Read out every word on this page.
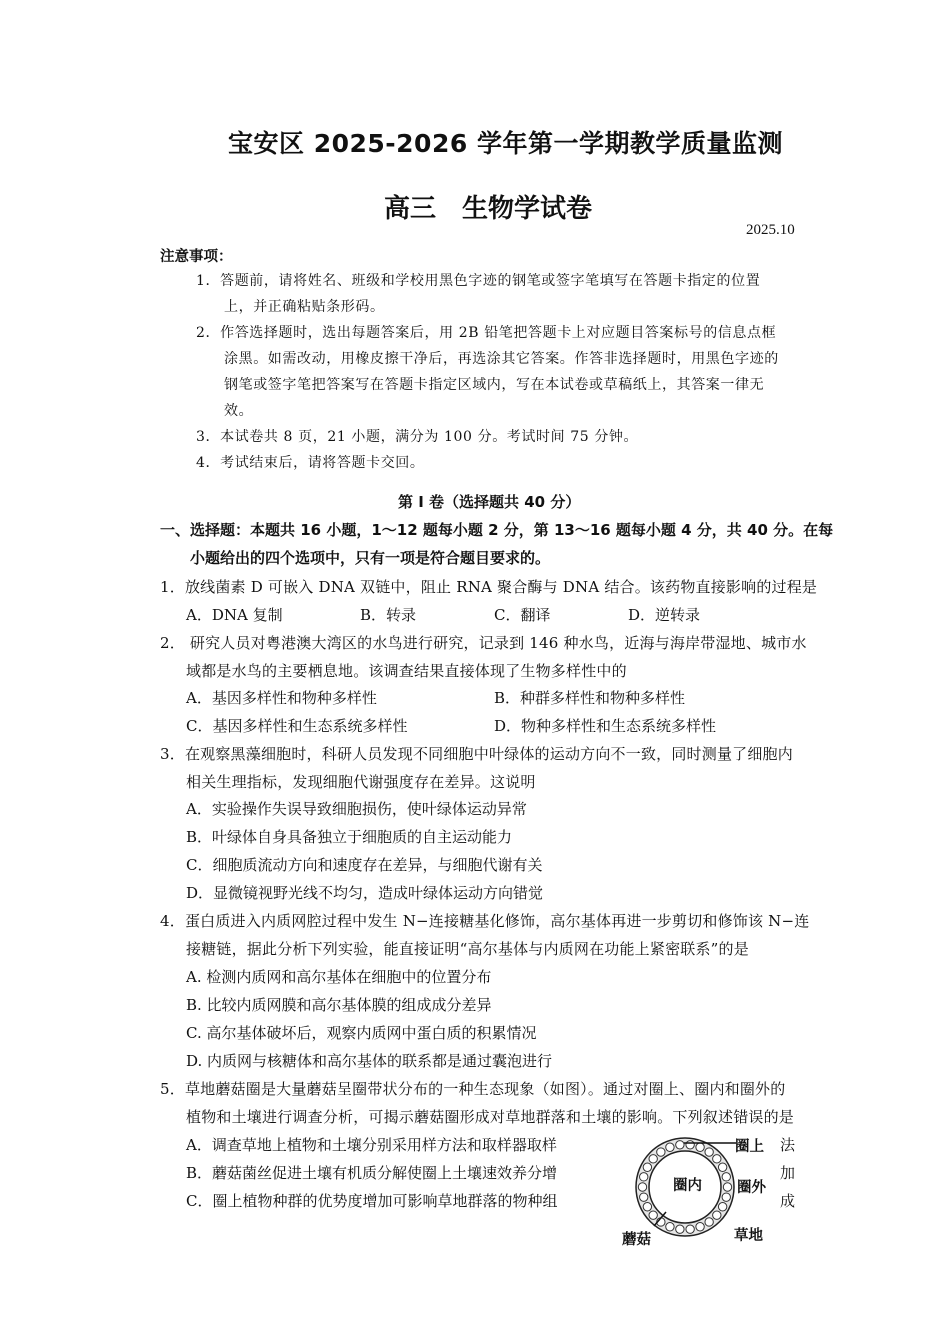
宝安区 2025-2026 学年第一学期教学质量监测
高三　生物学试卷
2025.10
注意事项：
1．答题前，请将姓名、班级和学校用黑色字迹的钢笔或签字笔填写在答题卡指定的位置
上，并正确粘贴条形码。
2．作答选择题时，选出每题答案后，用 2B 铅笔把答题卡上对应题目答案标号的信息点框
涂黑。如需改动，用橡皮擦干净后，再选涂其它答案。作答非选择题时，用黑色字迹的
钢笔或签字笔把答案写在答题卡指定区域内，写在本试卷或草稿纸上，其答案一律无
效。
3．本试卷共 8 页，21 小题，满分为 100 分。考试时间 75 分钟。
4．考试结束后，请将答题卡交回。
第 Ⅰ 卷（选择题共 40 分）
一、选择题：本题共 16 小题，1～12 题每小题 2 分，第 13～16 题每小题 4 分，共 40 分。在每
小题给出的四个选项中，只有一项是符合题目要求的。
1．放线菌素 D 可嵌入 DNA 双链中，阻止 RNA 聚合酶与 DNA 结合。该药物直接影响的过程是
A．DNA 复制	B．转录	C．翻译	D．逆转录
2． 研究人员对粤港澳大湾区的水鸟进行研究，记录到 146 种水鸟，近海与海岸带湿地、城市水
域都是水鸟的主要栖息地。该调查结果直接体现了生物多样性中的
A．基因多样性和物种多样性	B．种群多样性和物种多样性
C．基因多样性和生态系统多样性	D．物种多样性和生态系统多样性
3．在观察黑藻细胞时，科研人员发现不同细胞中叶绿体的运动方向不一致，同时测量了细胞内
相关生理指标，发现细胞代谢强度存在差异。这说明
A．实验操作失误导致细胞损伤，使叶绿体运动异常
B．叶绿体自身具备独立于细胞质的自主运动能力
C．细胞质流动方向和速度存在差异，与细胞代谢有关
D．显微镜视野光线不均匀，造成叶绿体运动方向错觉
4．蛋白质进入内质网腔过程中发生 N−连接糖基化修饰，高尔基体再进一步剪切和修饰该 N−连
接糖链，据此分析下列实验，能直接证明“高尔基体与内质网在功能上紧密联系”的是
A. 检测内质网和高尔基体在细胞中的位置分布
B. 比较内质网膜和高尔基体膜的组成成分差异
C. 高尔基体破坏后，观察内质网中蛋白质的积累情况
D. 内质网与核糖体和高尔基体的联系都是通过囊泡进行
5．草地蘑菇圈是大量蘑菇呈圈带状分布的一种生态现象（如图）。通过对圈上、圈内和圈外的
植物和土壤进行调查分析，可揭示蘑菇圈形成对草地群落和土壤的影响。下列叙述错误的是
A．调查草地上植物和土壤分别采用样方法和取样器取样
B．蘑菇菌丝促进土壤有机质分解使圈上土壤速效养分增
C．圈上植物种群的优势度增加可影响草地群落的物种组
法
加
成
圈上
圈内 圈外
蘑菇	草地
